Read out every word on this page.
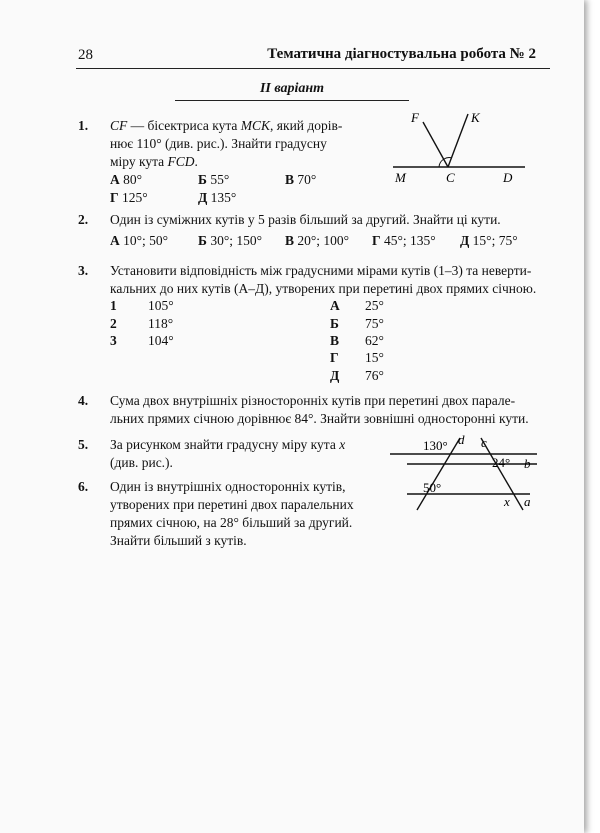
28	Тематична діагностувальна робота № 2
ІІ варіант
1. CF — бісектриса кута MCK, який дорів-
нює 110° (див. рис.). Знайти градусну
міру кута FCD.
А 80°	Б 55°	В 70°
Г 125°	Д 135°
F	K
M	C	D
2. Один із суміжних кутів у 5 разів більший за другий. Знайти ці кути.
А 10°; 50° Б 30°; 150° В 20°; 100° Г 45°; 135° Д 15°; 75°
3. Установити відповідність між градусними мірами кутів (1–3) та неверти-
кальних до них кутів (А–Д), утворених при перетині двох прямих січною.
1 105°
2 118°
3 104°
А 25°
Б 75°
В 62°
Г 15°
Д 76°
4. Сума двох внутрішніх різносторонніх кутів при перетині двох парале-
льних прямих січною дорівнює 84°. Знайти зовнішні односторонні кути.
5. За рисунком знайти градусну міру кута x
(див. рис.).
130° d c
24° b
50°
x a
6. Один із внутрішніх односторонніх кутів,
утворених при перетині двох паралельних
прямих січною, на 28° більший за другий.
Знайти більший з кутів.
